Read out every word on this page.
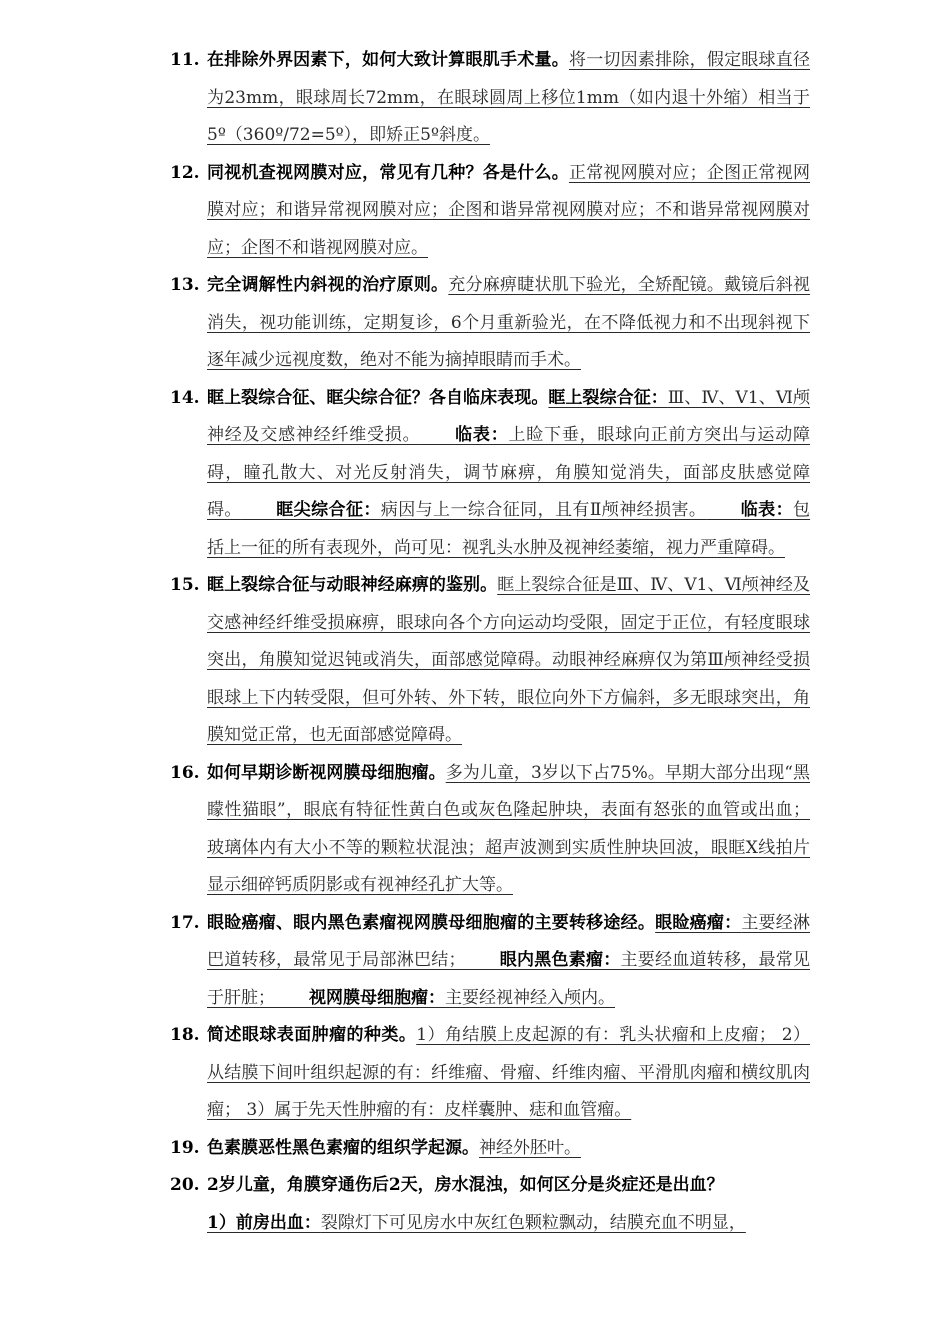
11. 在排除外界因素下，如何大致计算眼肌手术量。将一切因素排除，假定眼球直径为23mm，眼球周长72mm，在眼球圆周上移位1mm（如内退十外缩）相当于5º（360º/72=5º），即矫正5º斜度。
12. 同视机查视网膜对应，常见有几种？各是什么。正常视网膜对应；企图正常视网膜对应；和谐异常视网膜对应；企图和谐异常视网膜对应；不和谐异常视网膜对应；企图不和谐视网膜对应。
13. 完全调解性内斜视的治疗原则。充分麻痹睫状肌下验光，全矫配镜。戴镜后斜视消失，视功能训练，定期复诊，6个月重新验光，在不降低视力和不出现斜视下逐年减少远视度数，绝对不能为摘掉眼睛而手术。
14. 眶上裂综合征、眶尖综合征？各自临床表现。眶上裂综合征：Ⅲ、Ⅳ、Ⅴ1、Ⅵ颅神经及交感神经纤维受损。   临表：上睑下垂，眼球向正前方突出与运动障碍，瞳孔散大、对光反射消失，调节麻痹，角膜知觉消失，面部皮肤感觉障碍。   眶尖综合征：病因与上一综合征同，且有Ⅱ颅神经损害。   临表：包括上一征的所有表现外，尚可见：视乳头水肿及视神经萎缩，视力严重障碍。
15. 眶上裂综合征与动眼神经麻痹的鉴别。眶上裂综合征是Ⅲ、Ⅳ、Ⅴ1、Ⅵ颅神经及交感神经纤维受损麻痹，眼球向各个方向运动均受限，固定于正位，有轻度眼球突出，角膜知觉迟钝或消失，面部感觉障碍。动眼神经麻痹仅为第Ⅲ颅神经受损眼球上下内转受限，但可外转、外下转，眼位向外下方偏斜，多无眼球突出，角膜知觉正常，也无面部感觉障碍。
16. 如何早期诊断视网膜母细胞瘤。多为儿童，3岁以下占75%。早期大部分出现“黑矇性猫眼”，眼底有特征性黄白色或灰色隆起肿块，表面有怒张的血管或出血；玻璃体内有大小不等的颗粒状混浊；超声波测到实质性肿块回波，眼眶X线拍片显示细碎钙质阴影或有视神经孔扩大等。
17. 眼睑癌瘤、眼内黑色素瘤视网膜母细胞瘤的主要转移途经。眼睑癌瘤：主要经淋巴道转移，最常见于局部淋巴结；   眼内黑色素瘤：主要经血道转移，最常见于肝脏；   视网膜母细胞瘤：主要经视神经入颅内。
18. 简述眼球表面肿瘤的种类。1）角结膜上皮起源的有：乳头状瘤和上皮瘤； 2）从结膜下间叶组织起源的有：纤维瘤、骨瘤、纤维肉瘤、平滑肌肉瘤和横纹肌肉瘤； 3）属于先天性肿瘤的有：皮样囊肿、痣和血管瘤。
19. 色素膜恶性黑色素瘤的组织学起源。神经外胚叶。
20. 2岁儿童，角膜穿通伤后2天，房水混浊，如何区分是炎症还是出血？
1）前房出血：裂隙灯下可见房水中灰红色颗粒飘动，结膜充血不明显，
